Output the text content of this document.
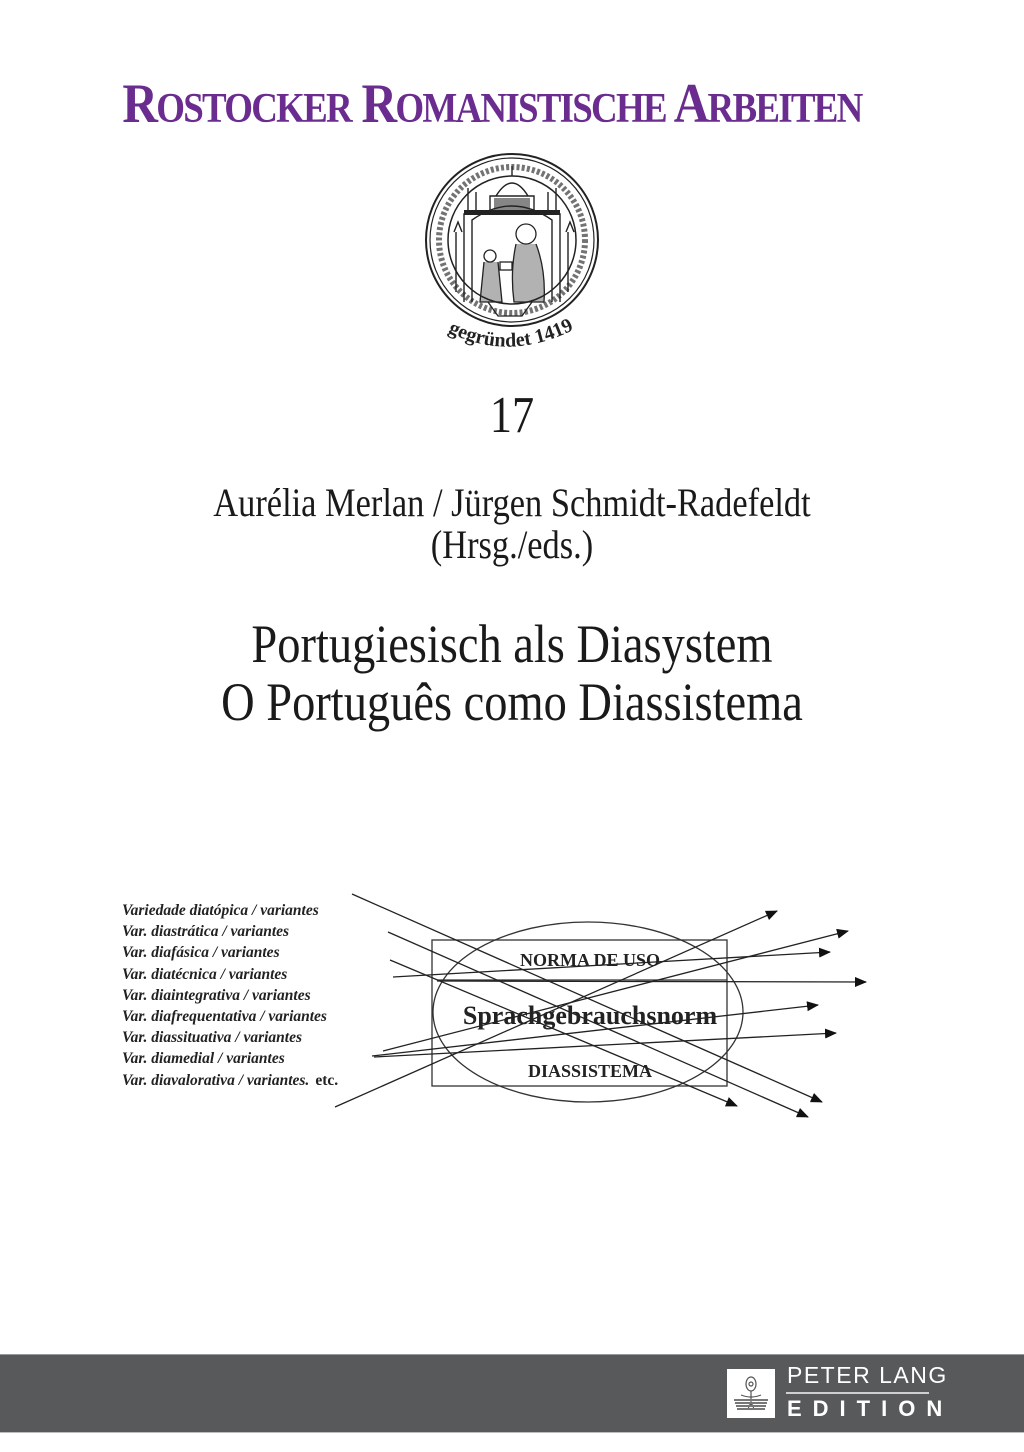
ROSTOCKER ROMANISTISCHE ARBEITEN
gegründet 1419
17
Aurélia Merlan / Jürgen Schmidt-Radefeldt
(Hrsg./eds.)
Portugiesisch als Diasystem
O Português como Diassistema
Variedade diatópica / variantes
Var. diastrática / variantes
Var. diafásica / variantes
Var. diatécnica / variantes
Var. diaintegrativa / variantes
Var. diafrequentativa / variantes
Var. diassituativa / variantes
Var. diamedial / variantes
Var. diavalorativa / variantes. etc.
NORMA DE USO
Sprachgebrauchsnorm
DIASSISTEMA
PETER LANG
EDITION
